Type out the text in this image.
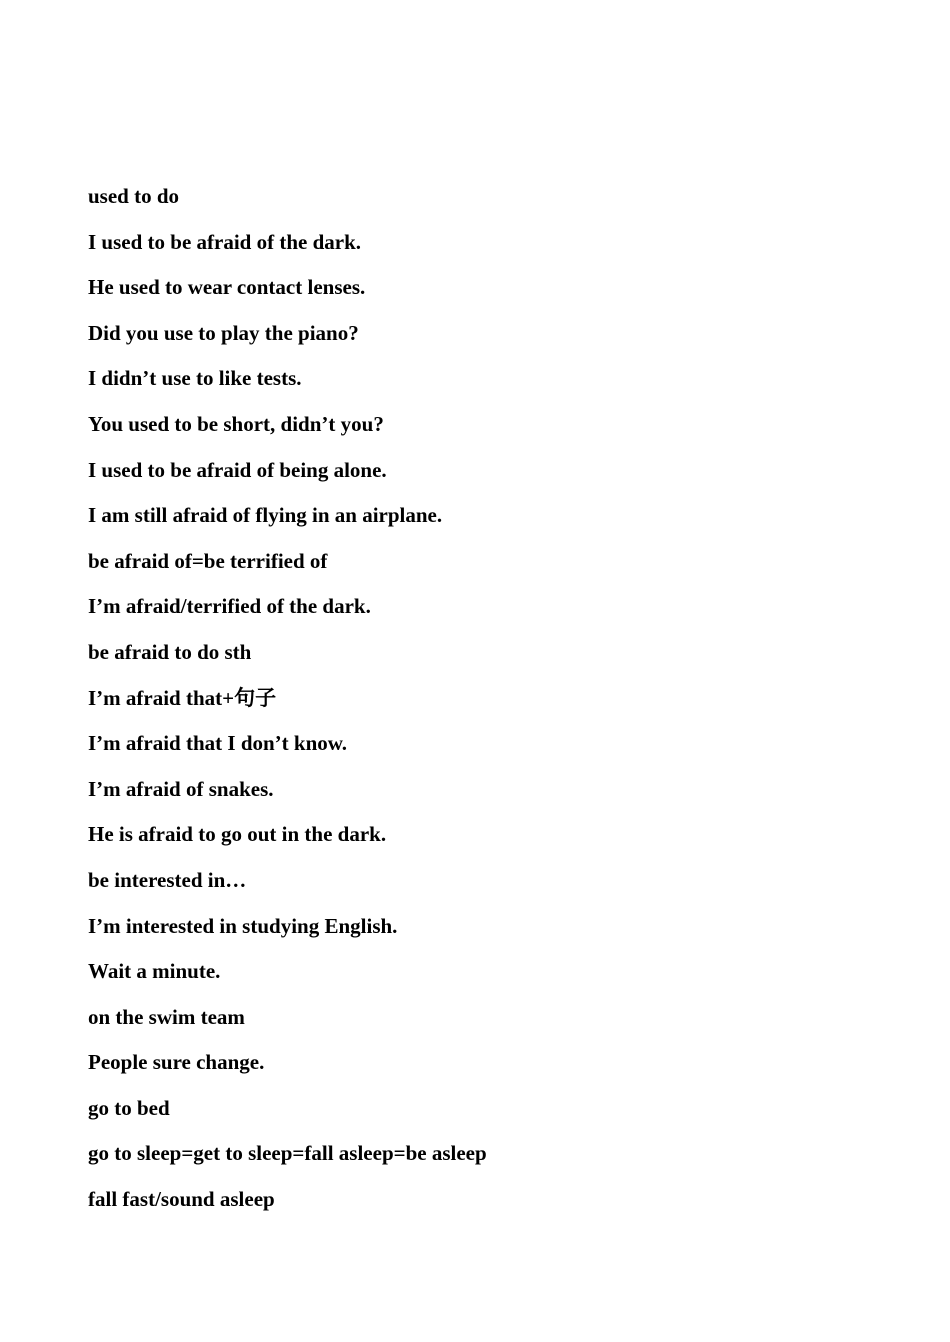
used to do
I used to be afraid of the dark.
He used to wear contact lenses.
Did you use to play the piano?
I didn’t use to like tests.
You used to be short, didn’t you?
I used to be afraid of being alone.
I am still afraid of flying in an airplane.
be afraid of=be terrified of
I’m afraid/terrified of the dark.
be afraid to do sth
I’m afraid that+句子
I’m afraid that I don’t know.
I’m afraid of snakes.
He is afraid to go out in the dark.
be interested in…
I’m interested in studying English.
Wait a minute.
on the swim team
People sure change.
go to bed
go to sleep=get to sleep=fall asleep=be asleep
fall fast/sound asleep
